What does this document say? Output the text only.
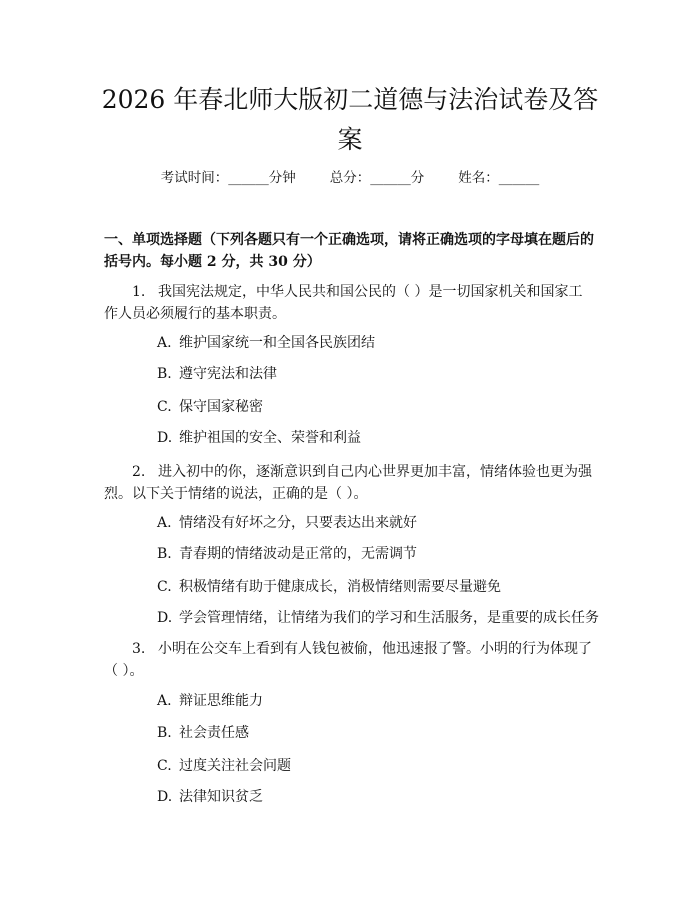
2026 年春北师大版初二道德与法治试卷及答案
考试时间：______分钟	总分：______分	姓名：______

一、单项选择题（下列各题只有一个正确选项，请将正确选项的字母填在题后的括号内。每小题 2 分，共 30 分）

1. 我国宪法规定，中华人民共和国公民的（ ）是一切国家机关和国家工作人员必须履行的基本职责。

A. 维护国家统一和全国各民族团结

B. 遵守宪法和法律

C. 保守国家秘密

D. 维护祖国的安全、荣誉和利益

2. 进入初中的你，逐渐意识到自己内心世界更加丰富，情绪体验也更为强烈。以下关于情绪的说法，正确的是（ ）。

A. 情绪没有好坏之分，只要表达出来就好

B. 青春期的情绪波动是正常的，无需调节

C. 积极情绪有助于健康成长，消极情绪则需要尽量避免

D. 学会管理情绪，让情绪为我们的学习和生活服务，是重要的成长任务

3. 小明在公交车上看到有人钱包被偷，他迅速报了警。小明的行为体现了（ ）。

A. 辩证思维能力

B. 社会责任感

C. 过度关注社会问题

D. 法律知识贫乏
